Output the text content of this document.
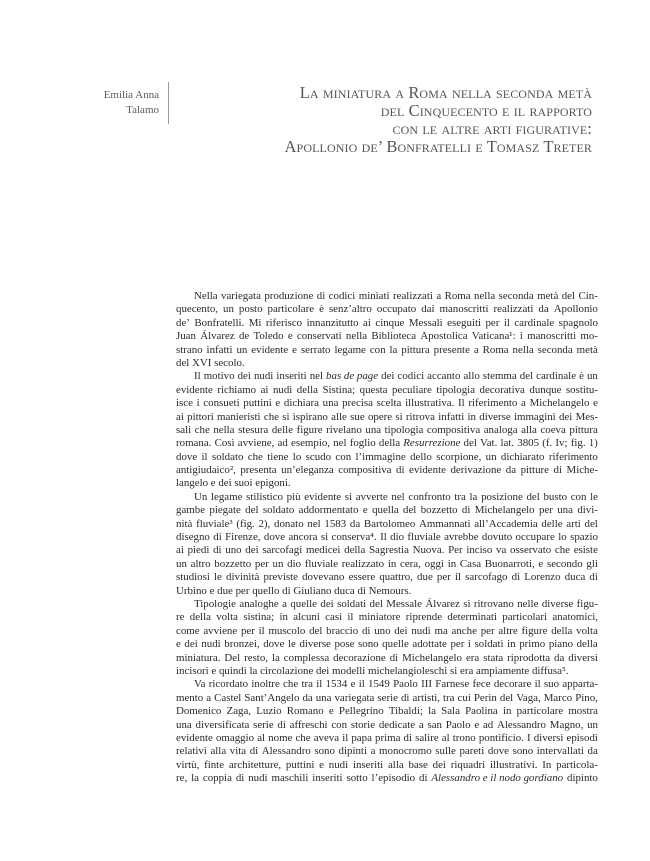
Emilia Anna
Talamo
La miniatura a Roma nella seconda metà
del Cinquecento e il rapporto
con le altre arti figurative:
Apollonio de’ Bonfratelli e Tomasz Treter
Nella variegata produzione di codici miniati realizzati a Roma nella seconda metà del Cin-
quecento, un posto particolare è senz’altro occupato dai manoscritti realizzati da Apollonio
de’ Bonfratelli. Mi riferisco innanzitutto ai cinque Messali eseguiti per il cardinale spagnolo
Juan Álvarez de Toledo e conservati nella Biblioteca Apostolica Vaticana¹: i manoscritti mo-
strano infatti un evidente e serrato legame con la pittura presente a Roma nella seconda metà
del XVI secolo.
Il motivo dei nudi inseriti nel bas de page dei codici accanto allo stemma del cardinale è un
evidente richiamo ai nudi della Sistina; questa peculiare tipologia decorativa dunque sostitu-
isce i consueti puttini e dichiara una precisa scelta illustrativa. Il riferimento a Michelangelo e
ai pittori manieristi che si ispirano alle sue opere si ritrova infatti in diverse immagini dei Mes-
sali che nella stesura delle figure rivelano una tipologia compositiva analoga alla coeva pittura
romana. Così avviene, ad esempio, nel foglio della Resurrezione del Vat. lat. 3805 (f. Iv; fig. 1)
dove il soldato che tiene lo scudo con l’immagine dello scorpione, un dichiarato riferimento
antigiudaico², presenta un’eleganza compositiva di evidente derivazione da pitture di Miche-
langelo e dei suoi epigoni.
Un legame stilistico più evidente si avverte nel confronto tra la posizione del busto con le
gambe piegate del soldato addormentato e quella del bozzetto di Michelangelo per una divi-
nità fluviale³ (fig. 2), donato nel 1583 da Bartolomeo Ammannati all’Accademia delle arti del
disegno di Firenze, dove ancora si conserva⁴. Il dio fluviale avrebbe dovuto occupare lo spazio
ai piedi di uno dei sarcofagi medicei della Sagrestia Nuova. Per inciso va osservato che esiste
un altro bozzetto per un dio fluviale realizzato in cera, oggi in Casa Buonarroti, e secondo gli
studiosi le divinità previste dovevano essere quattro, due per il sarcofago di Lorenzo duca di
Urbino e due per quello di Giuliano duca di Nemours.
Tipologie analoghe a quelle dei soldati del Messale Álvarez si ritrovano nelle diverse figu-
re della volta sistina; in alcuni casi il miniatore riprende determinati particolari anatomici,
come avviene per il muscolo del braccio di uno dei nudi ma anche per altre figure della volta
e dei nudi bronzei, dove le diverse pose sono quelle adottate per i soldati in primo piano della
miniatura. Del resto, la complessa decorazione di Michelangelo era stata riprodotta da diversi
incisori e quindi la circolazione dei modelli michelangioleschi si era ampiamente diffusa⁵.
Va ricordato inoltre che tra il 1534 e il 1549 Paolo III Farnese fece decorare il suo apparta-
mento a Castel Sant’Angelo da una variegata serie di artisti, tra cui Perin del Vaga, Marco Pino,
Domenico Zaga, Luzio Romano e Pellegrino Tibaldi; la Sala Paolina in particolare mostra
una diversificata serie di affreschi con storie dedicate a san Paolo e ad Alessandro Magno, un
evidente omaggio al nome che aveva il papa prima di salire al trono pontificio. I diversi episodi
relativi alla vita di Alessandro sono dipinti a monocromo sulle pareti dove sono intervallati da
virtù, finte architetture, puttini e nudi inseriti alla base dei riquadri illustrativi. In particola-
re, la coppia di nudi maschili inseriti sotto l’episodio di Alessandro e il nodo gordiano dipinto
